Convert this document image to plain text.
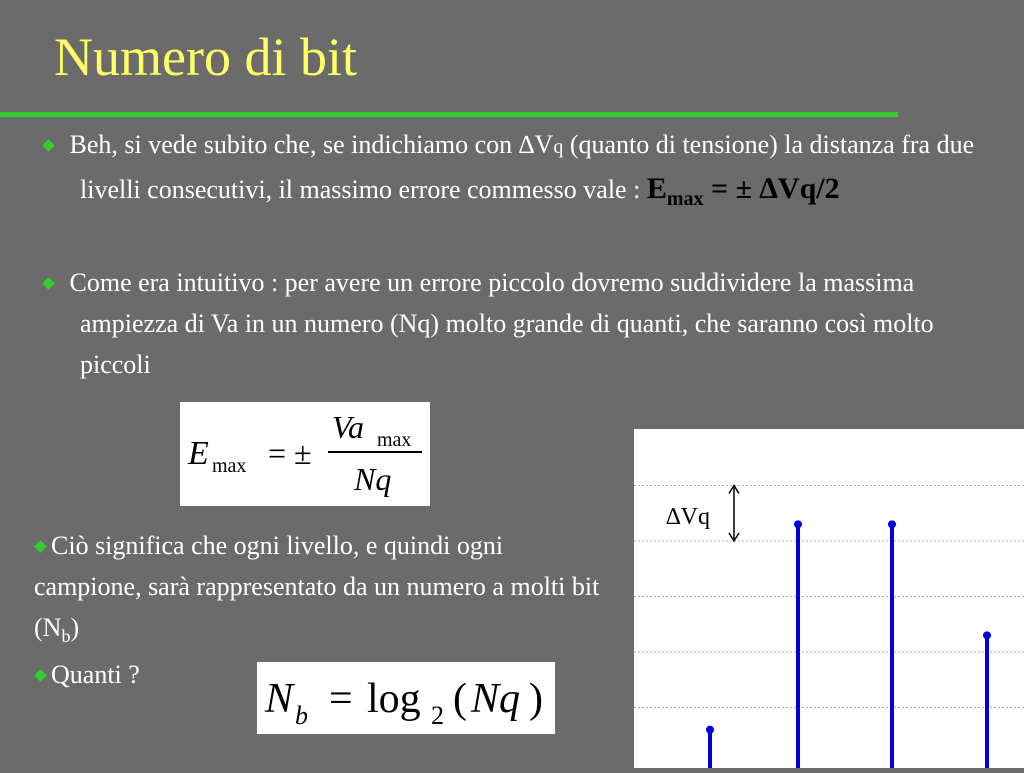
Numero di bit
Beh, si vede subito che, se indichiamo con ∆Vq (quanto di tensione) la distanza fra due livelli consecutivi, il massimo errore commesso vale : $E_{max}$ = ± ∆Vq/2
Come era intuitivo : per avere un errore piccolo dovremo suddividere la massima ampiezza di Va in un numero (Nq) molto grande di quanti, che saranno così molto piccoli
E max = ±
Va max
Nq
Ciò significa che ogni livello, e quindi ogni campione, sarà rappresentato da un numero a molti bit $(N_b)$
Quanti ?
N b = log 2 ( Nq )
∆Vq
